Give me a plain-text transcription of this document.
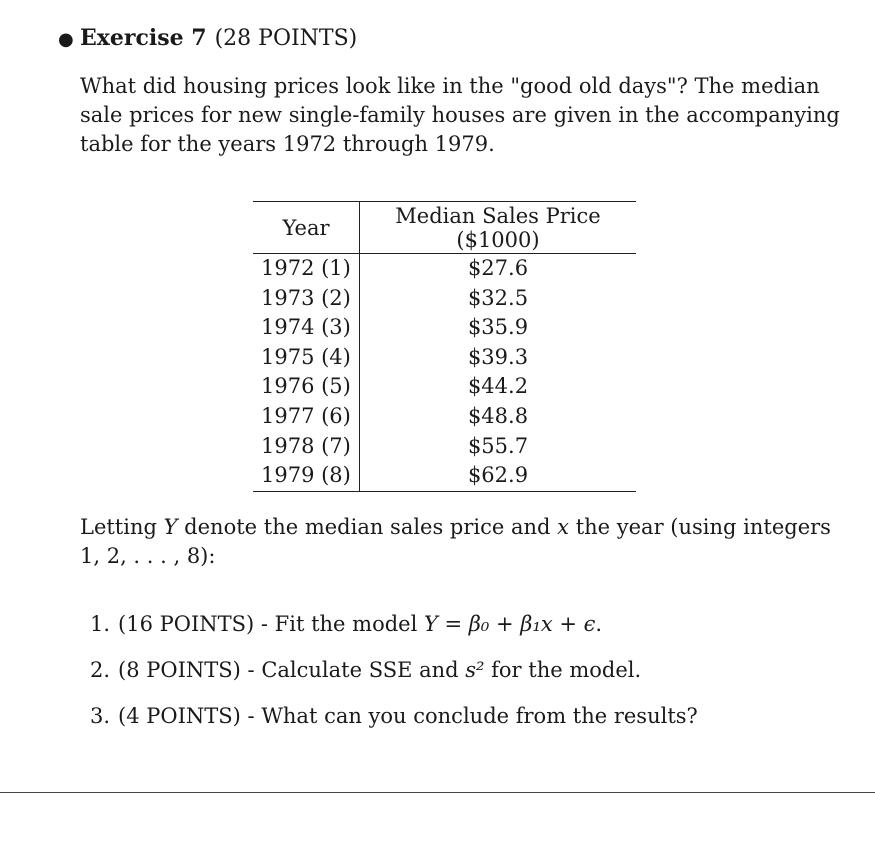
● Exercise 7 (28 POINTS)

What did housing prices look like in the "good old days"? The median sale prices for new single-family houses are given in the accompanying table for the years 1972 through 1979.

Year	Median Sales Price ($1000)
1972 (1)	$27.6
1973 (2)	$32.5
1974 (3)	$35.9
1975 (4)	$39.3
1976 (5)	$44.2
1977 (6)	$48.8
1978 (7)	$55.7
1979 (8)	$62.9

Letting Y denote the median sales price and x the year (using integers 1, 2, . . . , 8):

1. (16 POINTS) - Fit the model Y = β₀ + β₁x + ϵ.
2. (8 POINTS) - Calculate SSE and s² for the model.
3. (4 POINTS) - What can you conclude from the results?
